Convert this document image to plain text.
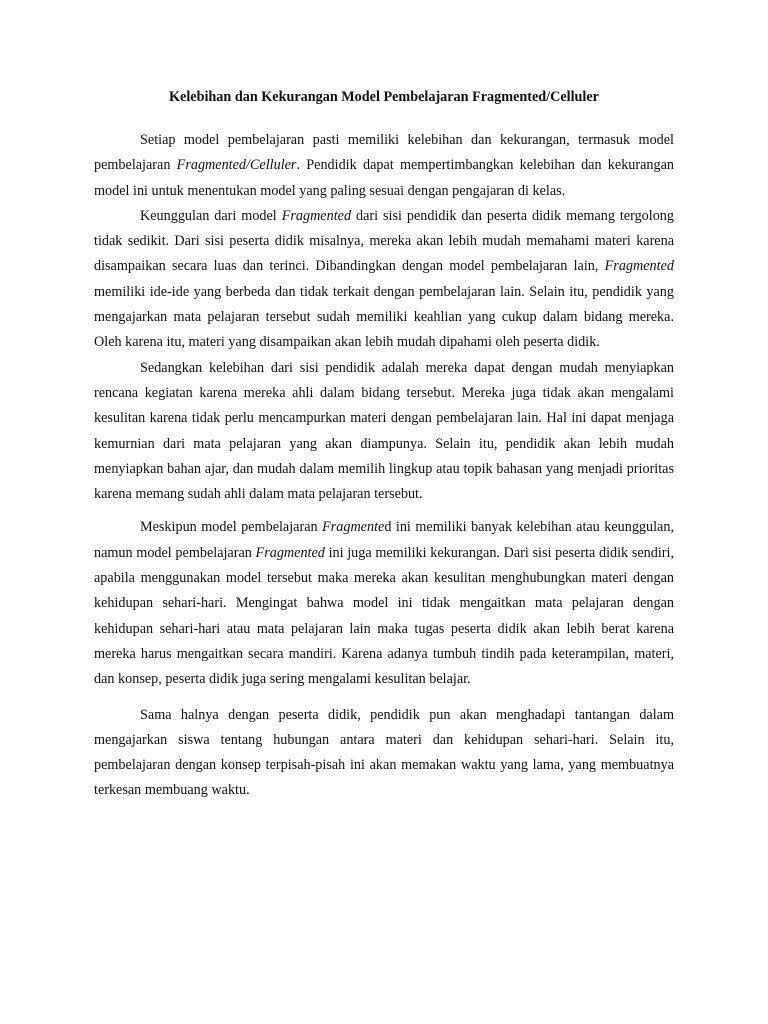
Kelebihan dan Kekurangan Model Pembelajaran Fragmented/Celluler

Setiap model pembelajaran pasti memiliki kelebihan dan kekurangan, termasuk model pembelajaran Fragmented/Celluler. Pendidik dapat mempertimbangkan kelebihan dan kekurangan model ini untuk menentukan model yang paling sesuai dengan pengajaran di kelas.

Keunggulan dari model Fragmented dari sisi pendidik dan peserta didik memang tergolong tidak sedikit. Dari sisi peserta didik misalnya, mereka akan lebih mudah memahami materi karena disampaikan secara luas dan terinci. Dibandingkan dengan model pembelajaran lain, Fragmented memiliki ide-ide yang berbeda dan tidak terkait dengan pembelajaran lain. Selain itu, pendidik yang mengajarkan mata pelajaran tersebut sudah memiliki keahlian yang cukup dalam bidang mereka. Oleh karena itu, materi yang disampaikan akan lebih mudah dipahami oleh peserta didik.

Sedangkan kelebihan dari sisi pendidik adalah mereka dapat dengan mudah menyiapkan rencana kegiatan karena mereka ahli dalam bidang tersebut. Mereka juga tidak akan mengalami kesulitan karena tidak perlu mencampurkan materi dengan pembelajaran lain. Hal ini dapat menjaga kemurnian dari mata pelajaran yang akan diampunya. Selain itu, pendidik akan lebih mudah menyiapkan bahan ajar, dan mudah dalam memilih lingkup atau topik bahasan yang menjadi prioritas karena memang sudah ahli dalam mata pelajaran tersebut.

Meskipun model pembelajaran Fragmented ini memiliki banyak kelebihan atau keunggulan, namun model pembelajaran Fragmented ini juga memiliki kekurangan. Dari sisi peserta didik sendiri, apabila menggunakan model tersebut maka mereka akan kesulitan menghubungkan materi dengan kehidupan sehari-hari. Mengingat bahwa model ini tidak mengaitkan mata pelajaran dengan kehidupan sehari-hari atau mata pelajaran lain maka tugas peserta didik akan lebih berat karena mereka harus mengaitkan secara mandiri. Karena adanya tumbuh tindih pada keterampilan, materi, dan konsep, peserta didik juga sering mengalami kesulitan belajar.

Sama halnya dengan peserta didik, pendidik pun akan menghadapi tantangan dalam mengajarkan siswa tentang hubungan antara materi dan kehidupan sehari-hari. Selain itu, pembelajaran dengan konsep terpisah-pisah ini akan memakan waktu yang lama, yang membuatnya terkesan membuang waktu.
